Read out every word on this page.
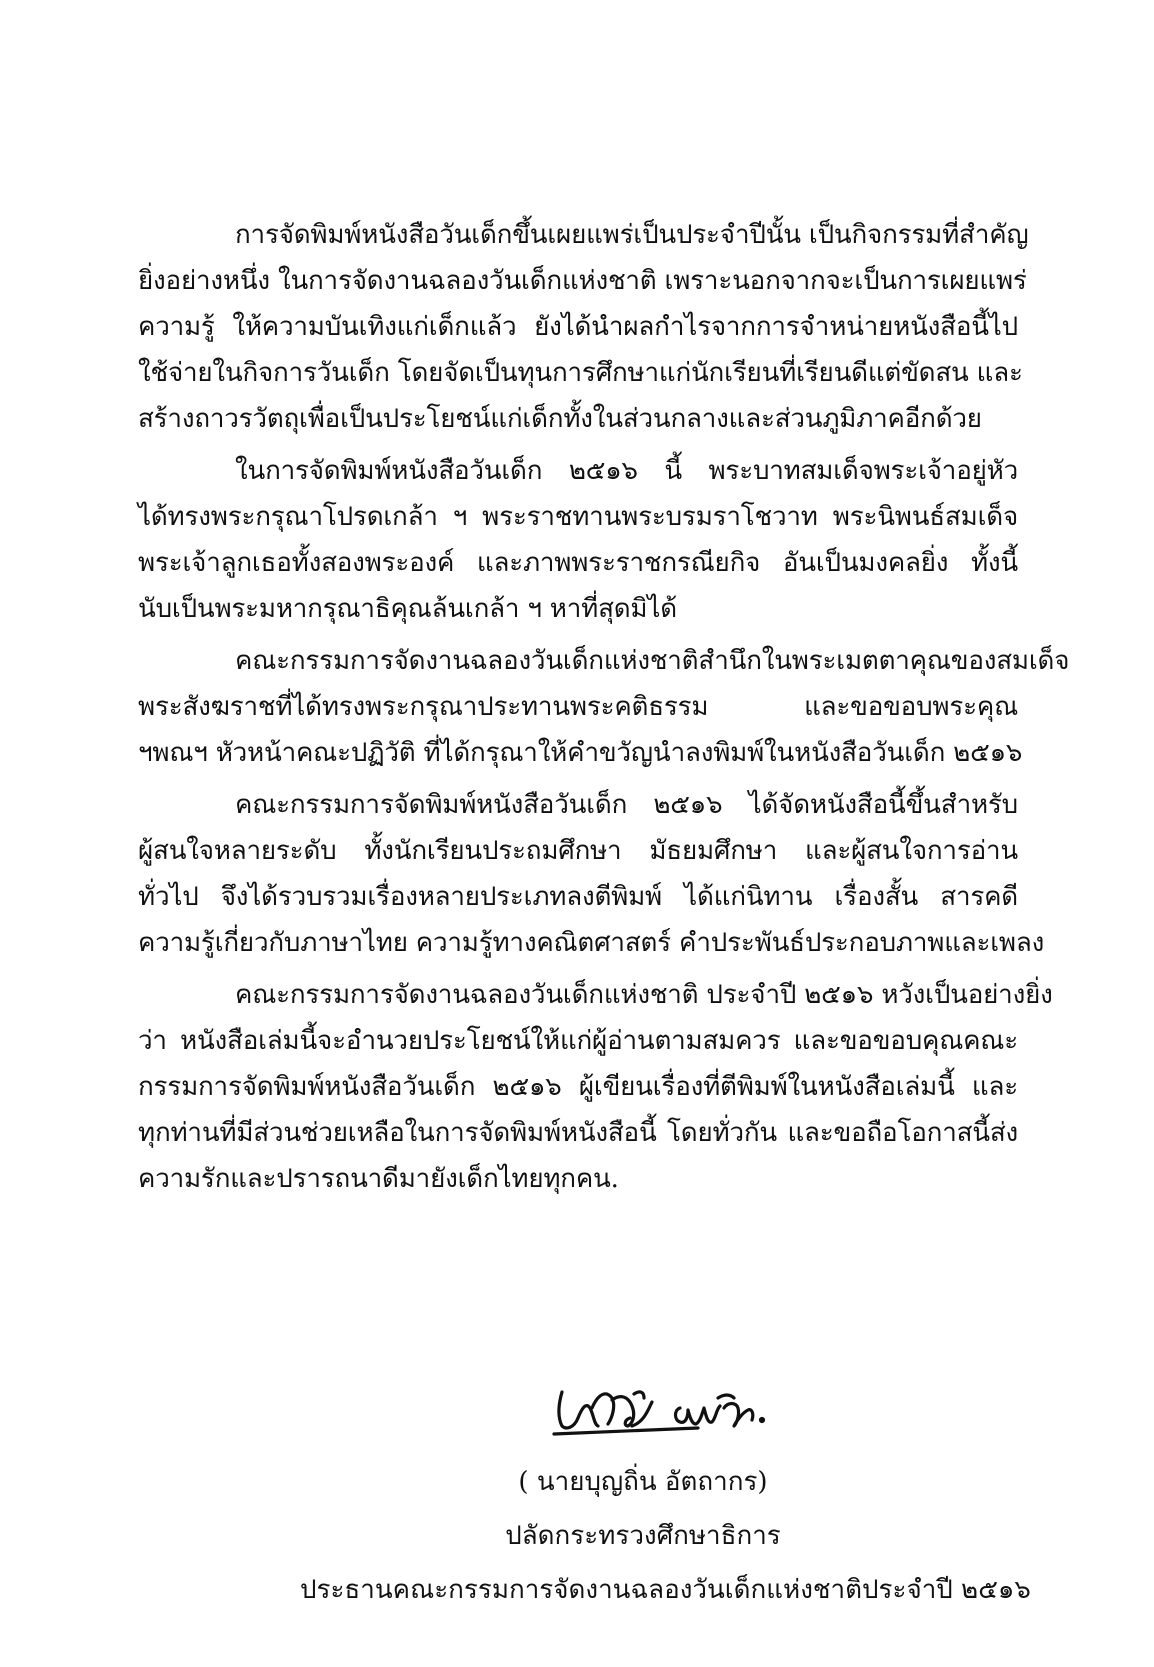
การจัดพิมพ์หนังสือวันเด็กขึ้นเผยแพร่เป็นประจำปีนั้น เป็นกิจกรรมที่สำคัญ
ยิ่งอย่างหนึ่ง ในการจัดงานฉลองวันเด็กแห่งชาติ เพราะนอกจากจะเป็นการเผยแพร่
ความรู้ ให้ความบันเทิงแก่เด็กแล้ว ยังได้นำผลกำไรจากการจำหน่ายหนังสือนี้ไป
ใช้จ่ายในกิจการวันเด็ก โดยจัดเป็นทุนการศึกษาแก่นักเรียนที่เรียนดีแต่ขัดสน และ
สร้างถาวรวัตถุเพื่อเป็นประโยชน์แก่เด็กทั้งในส่วนกลางและส่วนภูมิภาคอีกด้วย
ในการจัดพิมพ์หนังสือวันเด็ก ๒๕๑๖ นี้ พระบาทสมเด็จพระเจ้าอยู่หัว
ได้ทรงพระกรุณาโปรดเกล้า ฯ พระราชทานพระบรมราโชวาท พระนิพนธ์สมเด็จ
พระเจ้าลูกเธอทั้งสองพระองค์ และภาพพระราชกรณียกิจ อันเป็นมงคลยิ่ง ทั้งนี้
นับเป็นพระมหากรุณาธิคุณล้นเกล้า ฯ หาที่สุดมิได้
คณะกรรมการจัดงานฉลองวันเด็กแห่งชาติสำนึกในพระเมตตาคุณของสมเด็จ
พระสังฆราชที่ได้ทรงพระกรุณาประทานพระคติธรรม และขอขอบพระคุณ
ฯพณฯ หัวหน้าคณะปฏิวัติ ที่ได้กรุณาให้คำขวัญนำลงพิมพ์ในหนังสือวันเด็ก ๒๕๑๖
คณะกรรมการจัดพิมพ์หนังสือวันเด็ก ๒๕๑๖ ได้จัดหนังสือนี้ขึ้นสำหรับ
ผู้สนใจหลายระดับ ทั้งนักเรียนประถมศึกษา มัธยมศึกษา และผู้สนใจการอ่าน
ทั่วไป จึงได้รวบรวมเรื่องหลายประเภทลงตีพิมพ์ ได้แก่นิทาน เรื่องสั้น สารคดี
ความรู้เกี่ยวกับภาษาไทย ความรู้ทางคณิตศาสตร์ คำประพันธ์ประกอบภาพและเพลง
คณะกรรมการจัดงานฉลองวันเด็กแห่งชาติ ประจำปี ๒๕๑๖ หวังเป็นอย่างยิ่ง
ว่า หนังสือเล่มนี้จะอำนวยประโยชน์ให้แก่ผู้อ่านตามสมควร และขอขอบคุณคณะ
กรรมการจัดพิมพ์หนังสือวันเด็ก ๒๕๑๖ ผู้เขียนเรื่องที่ตีพิมพ์ในหนังสือเล่มนี้ และ
ทุกท่านที่มีส่วนช่วยเหลือในการจัดพิมพ์หนังสือนี้ โดยทั่วกัน และขอถือโอกาสนี้ส่ง
ความรักและปรารถนาดีมายังเด็กไทยทุกคน.
( นายบุญถิ่น อัตถากร)
ปลัดกระทรวงศึกษาธิการ
ประธานคณะกรรมการจัดงานฉลองวันเด็กแห่งชาติประจำปี ๒๕๑๖
